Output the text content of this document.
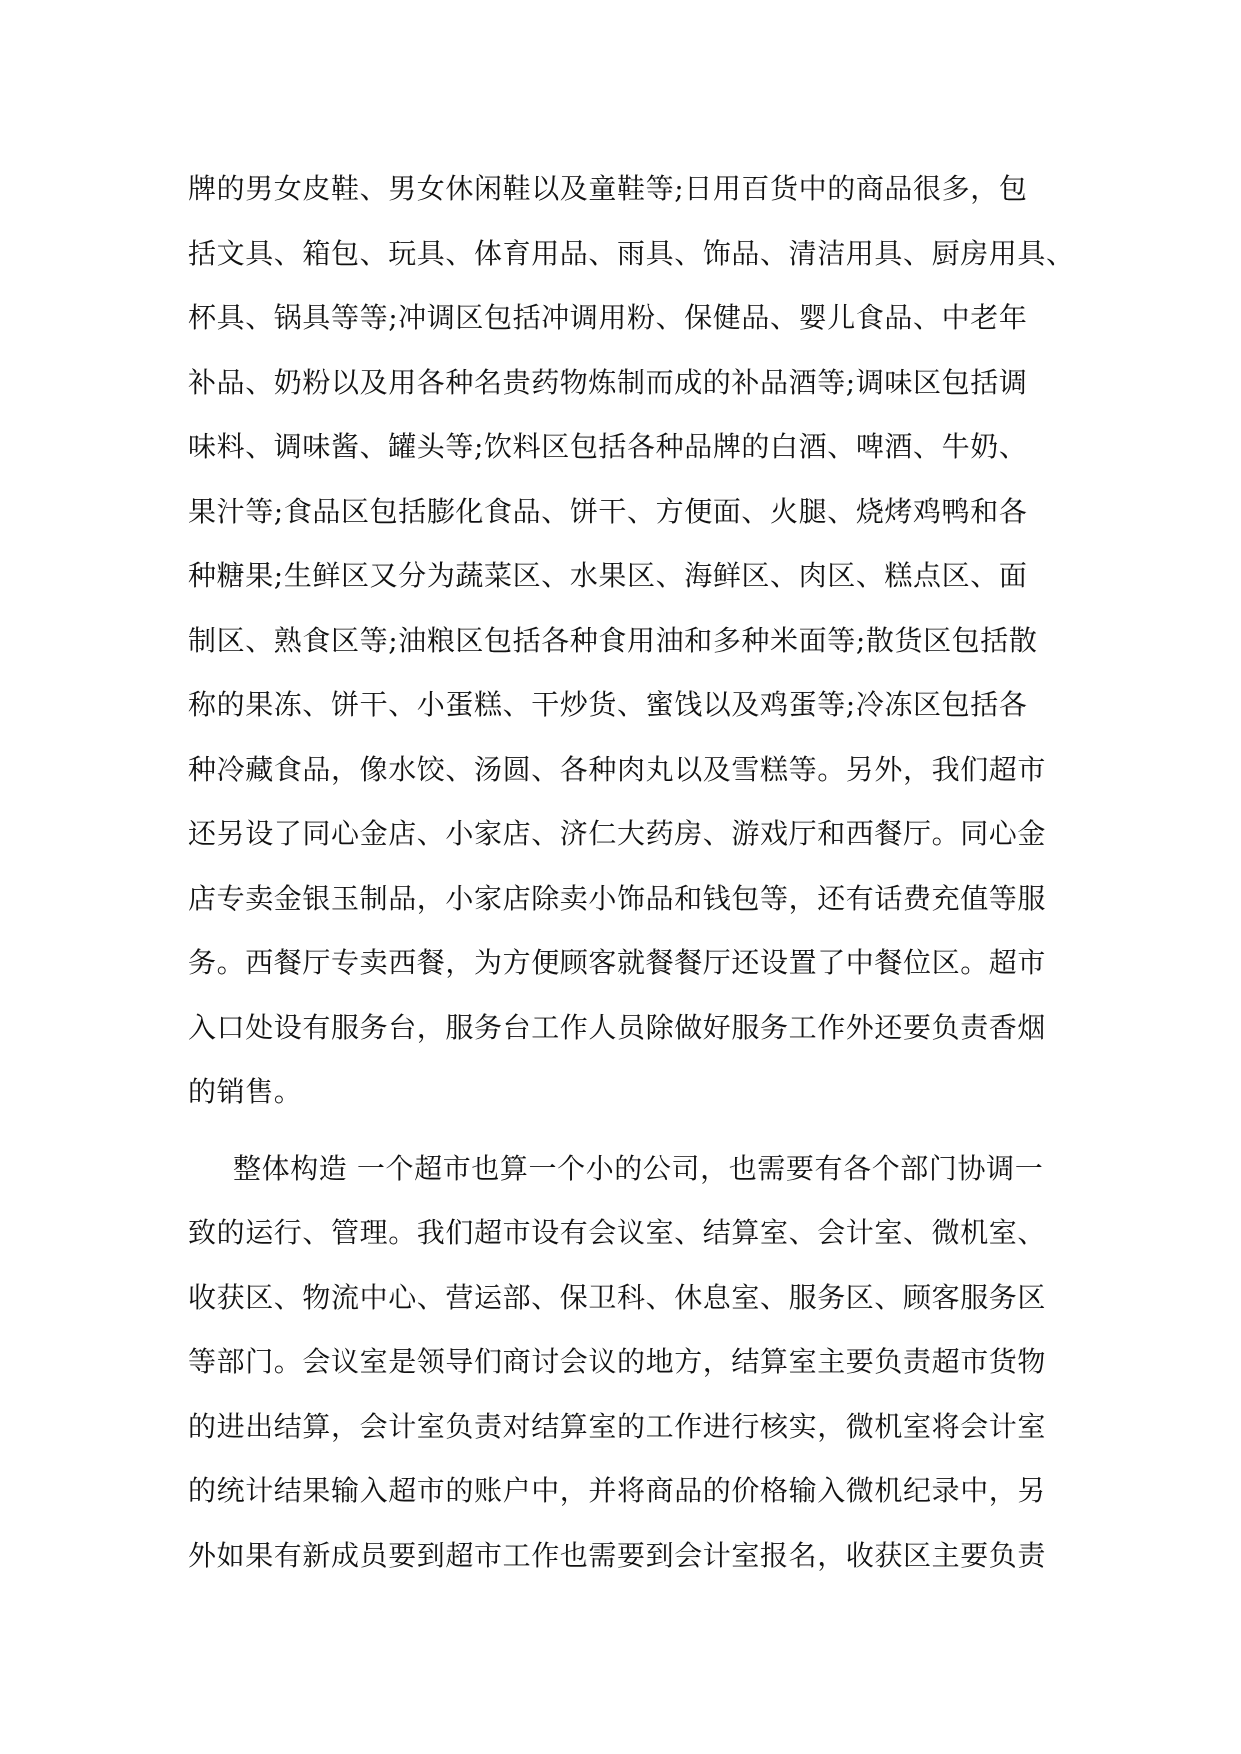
牌的男女皮鞋、男女休闲鞋以及童鞋等;日用百货中的商品很多，包
括文具、箱包、玩具、体育用品、雨具、饰品、清洁用具、厨房用具、
杯具、锅具等等;冲调区包括冲调用粉、保健品、婴儿食品、中老年
补品、奶粉以及用各种名贵药物炼制而成的补品酒等;调味区包括调
味料、调味酱、罐头等;饮料区包括各种品牌的白酒、啤酒、牛奶、
果汁等;食品区包括膨化食品、饼干、方便面、火腿、烧烤鸡鸭和各
种糖果;生鲜区又分为蔬菜区、水果区、海鲜区、肉区、糕点区、面
制区、熟食区等;油粮区包括各种食用油和多种米面等;散货区包括散
称的果冻、饼干、小蛋糕、干炒货、蜜饯以及鸡蛋等;冷冻区包括各
种冷藏食品，像水饺、汤圆、各种肉丸以及雪糕等。另外，我们超市
还另设了同心金店、小家店、济仁大药房、游戏厅和西餐厅。同心金
店专卖金银玉制品，小家店除卖小饰品和钱包等，还有话费充值等服
务。西餐厅专卖西餐，为方便顾客就餐餐厅还设置了中餐位区。超市
入口处设有服务台，服务台工作人员除做好服务工作外还要负责香烟
的销售。
整体构造 一个超市也算一个小的公司，也需要有各个部门协调一
致的运行、管理。我们超市设有会议室、结算室、会计室、微机室、
收获区、物流中心、营运部、保卫科、休息室、服务区、顾客服务区
等部门。会议室是领导们商讨会议的地方，结算室主要负责超市货物
的进出结算，会计室负责对结算室的工作进行核实，微机室将会计室
的统计结果输入超市的账户中，并将商品的价格输入微机纪录中，另
外如果有新成员要到超市工作也需要到会计室报名，收获区主要负责
